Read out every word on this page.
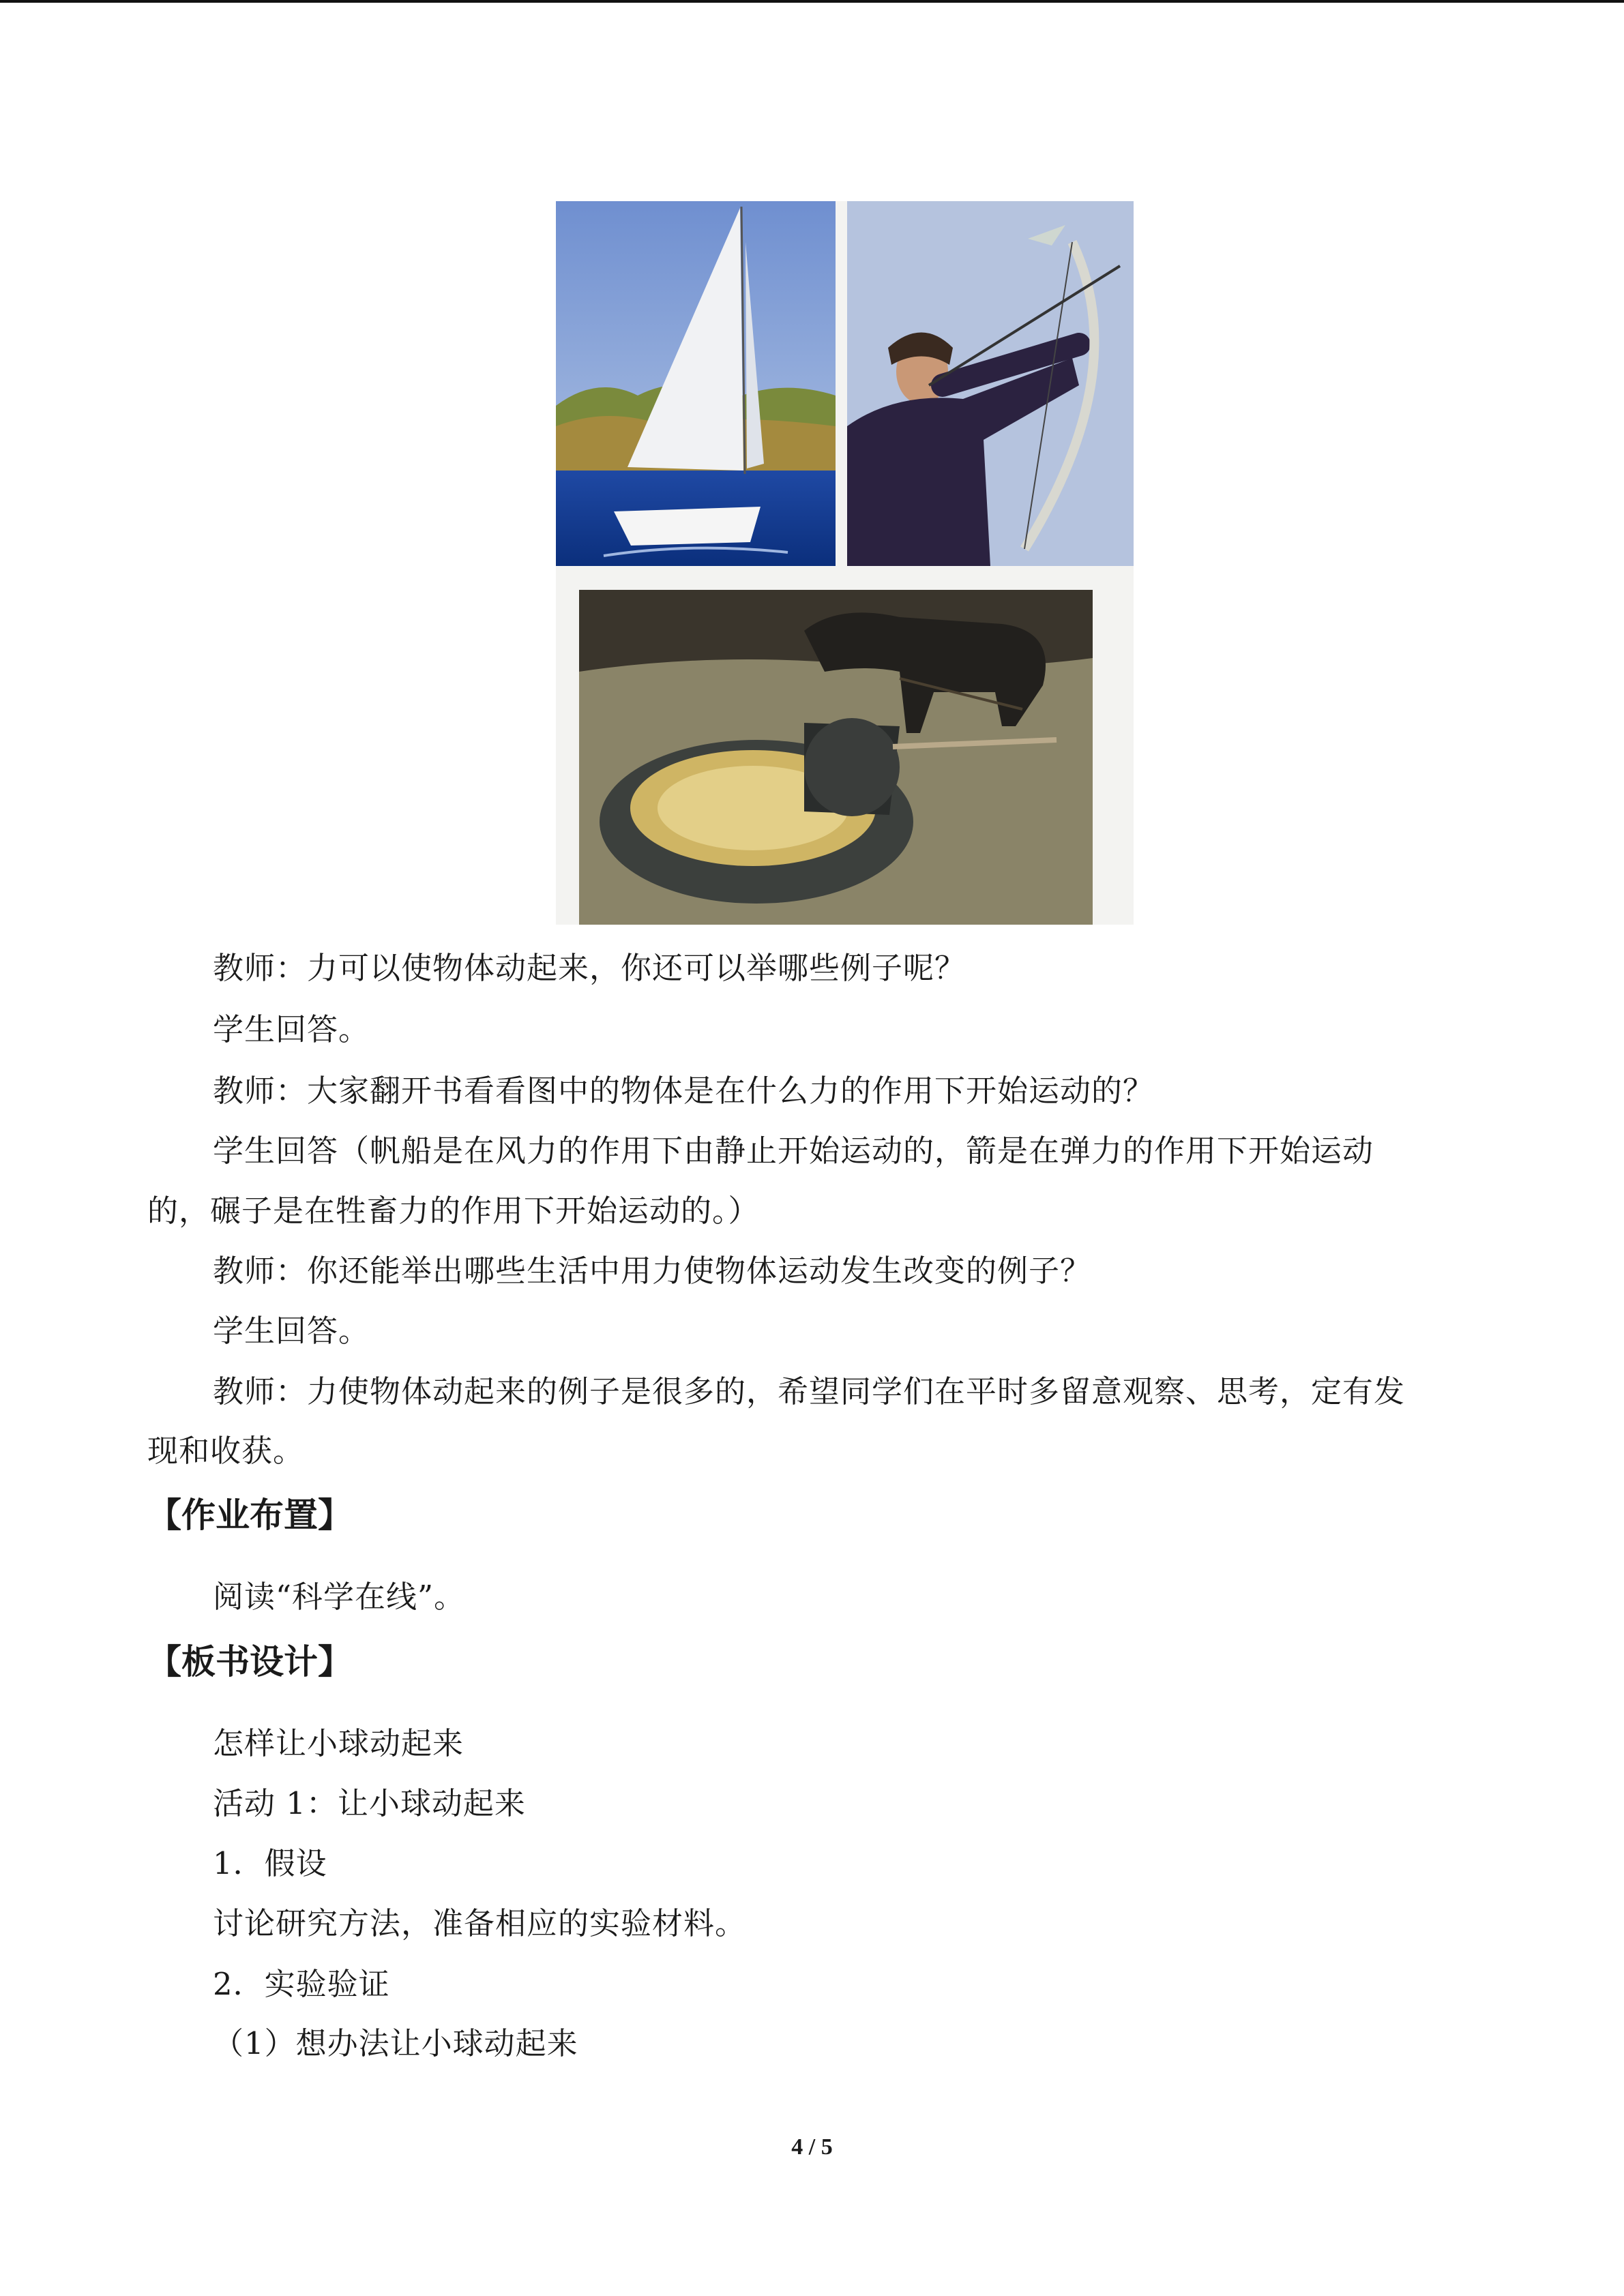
教师：力可以使物体动起来，你还可以举哪些例子呢？

学生回答。

教师：大家翻开书看看图中的物体是在什么力的作用下开始运动的？

学生回答（帆船是在风力的作用下由静止开始运动的，箭是在弹力的作用下开始运动

的，碾子是在牲畜力的作用下开始运动的。）

教师：你还能举出哪些生活中用力使物体运动发生改变的例子？

学生回答。

教师：力使物体动起来的例子是很多的，希望同学们在平时多留意观察、思考，定有发

现和收获。

【作业布置】

阅读“科学在线”。

【板书设计】

怎样让小球动起来

活动 1：让小球动起来

1．假设

讨论研究方法，准备相应的实验材料。

2．实验验证

（1）想办法让小球动起来

4 / 5
